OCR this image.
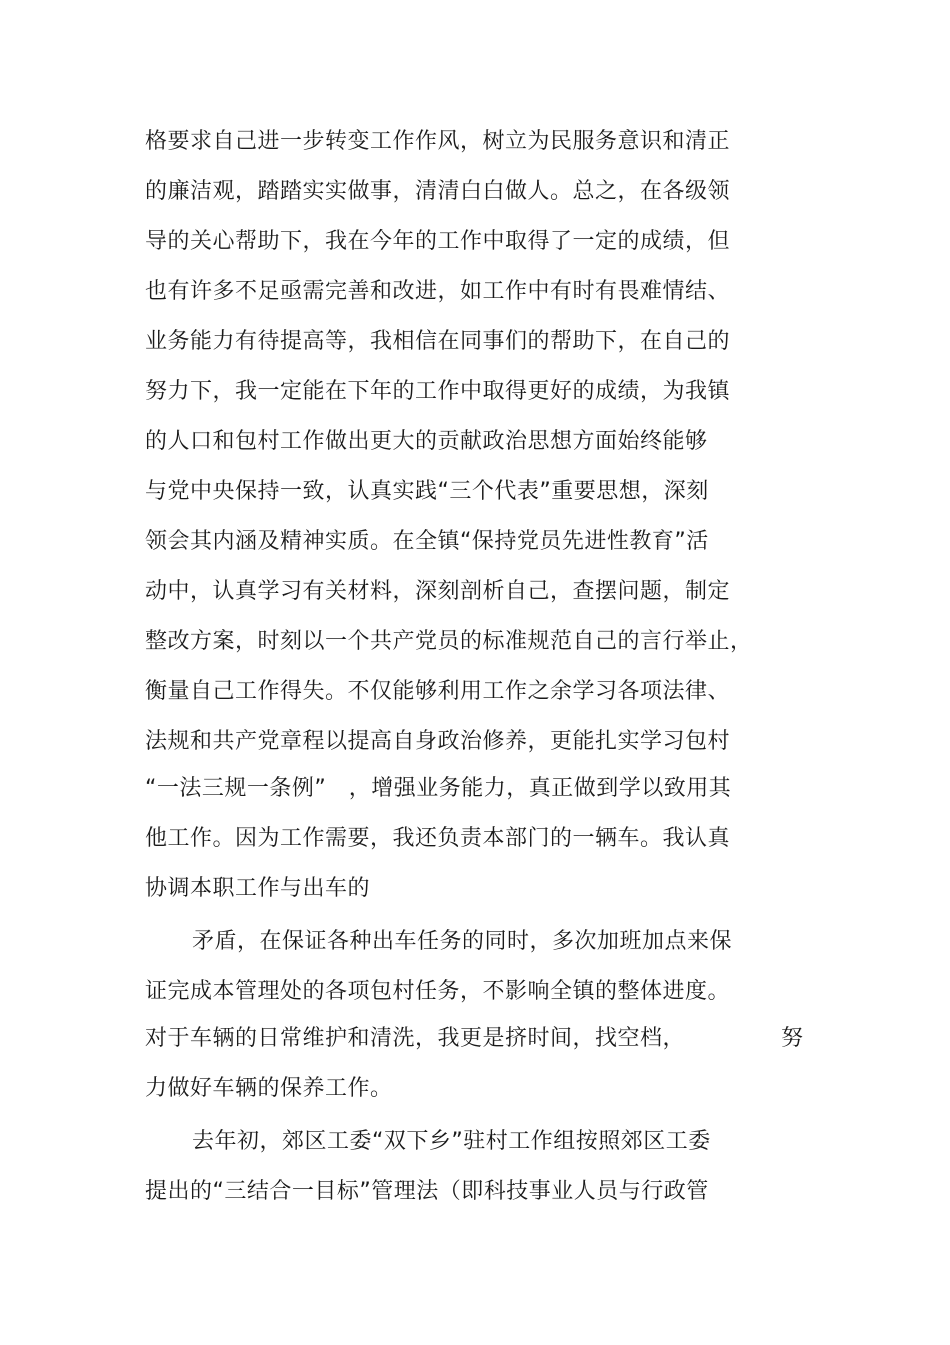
格要求自己进一步转变工作作风，树立为民服务意识和清正
的廉洁观，踏踏实实做事，清清白白做人。总之，在各级领
导的关心帮助下，我在今年的工作中取得了一定的成绩，但
也有许多不足亟需完善和改进，如工作中有时有畏难情结、
业务能力有待提高等，我相信在同事们的帮助下，在自己的
努力下，我一定能在下年的工作中取得更好的成绩，为我镇
的人口和包村工作做出更大的贡献政治思想方面始终能够
与党中央保持一致，认真实践“三个代表”重要思想，深刻
领会其内涵及精神实质。在全镇“保持党员先进性教育”活
动中，认真学习有关材料，深刻剖析自己，查摆问题，制定
整改方案，时刻以一个共产党员的标准规范自己的言行举止，
衡量自己工作得失。不仅能够利用工作之余学习各项法律、
法规和共产党章程以提高自身政治修养，更能扎实学习包村
“一法三规一条例”　，增强业务能力，真正做到学以致用其
他工作。因为工作需要，我还负责本部门的一辆车。我认真
协调本职工作与出车的
矛盾，在保证各种出车任务的同时，多次加班加点来保
证完成本管理处的各项包村任务，不影响全镇的整体进度。
对于车辆的日常维护和清洗，我更是挤时间，找空档，	努
力做好车辆的保养工作。
去年初，郊区工委“双下乡”驻村工作组按照郊区工委
提出的“三结合一目标”管理法（即科技事业人员与行政管
